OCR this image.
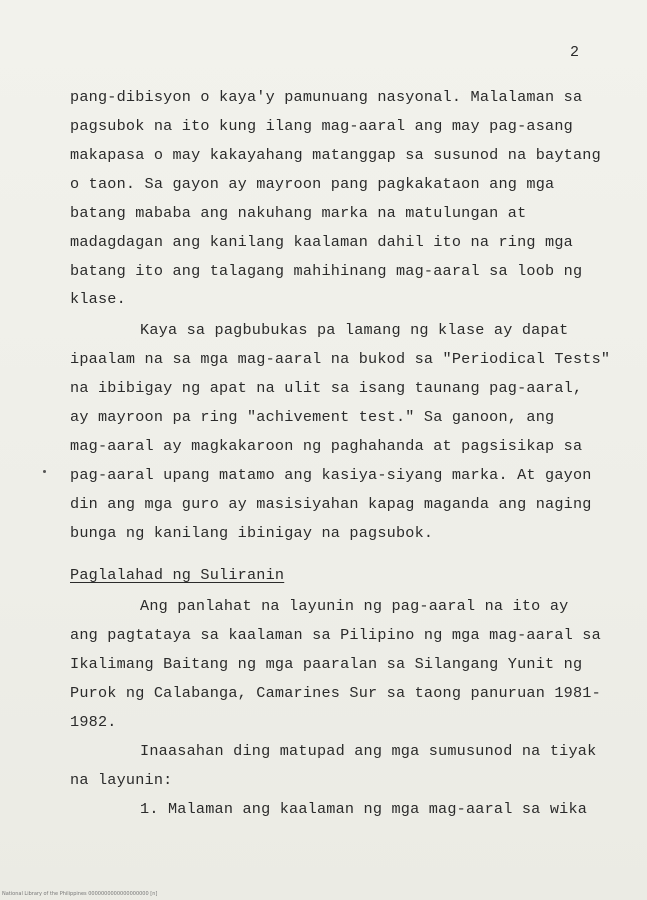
2
pang-dibisyon o kaya'y pamunuang nasyonal. Malalaman sa
pagsubok na ito kung ilang mag-aaral ang may pag-asang
makapasa o may kakayahang matanggap sa susunod na baytang
o taon. Sa gayon ay mayroon pang pagkakataon ang mga
batang mababa ang nakuhang marka na matulungan at
madagdagan ang kanilang kaalaman dahil ito na ring mga
batang ito ang talagang mahihinang mag-aaral sa loob ng
klase.
Kaya sa pagbubukas pa lamang ng klase ay dapat
ipaalam na sa mga mag-aaral na bukod sa "Periodical Tests"
na ibibigay ng apat na ulit sa isang taunang pag-aaral,
ay mayroon pa ring "achivement test." Sa ganoon, ang
mag-aaral ay magkakaroon ng paghahanda at pagsisikap sa
pag-aaral upang matamo ang kasiya-siyang marka. At gayon
din ang mga guro ay masisiyahan kapag maganda ang naging
bunga ng kanilang ibinigay na pagsubok.
Paglalahad ng Suliranin
Ang panlahat na layunin ng pag-aaral na ito ay
ang pagtataya sa kaalaman sa Pilipino ng mga mag-aaral sa
Ikalimang Baitang ng mga paaralan sa Silangang Yunit ng
Purok ng Calabanga, Camarines Sur sa taong panuruan 1981-
1982.
Inaasahan ding matupad ang mga sumusunod na tiyak
na layunin:
1. Malaman ang kaalaman ng mga mag-aaral sa wika
National Library of the Philippines 0000000000000000000 [n]
